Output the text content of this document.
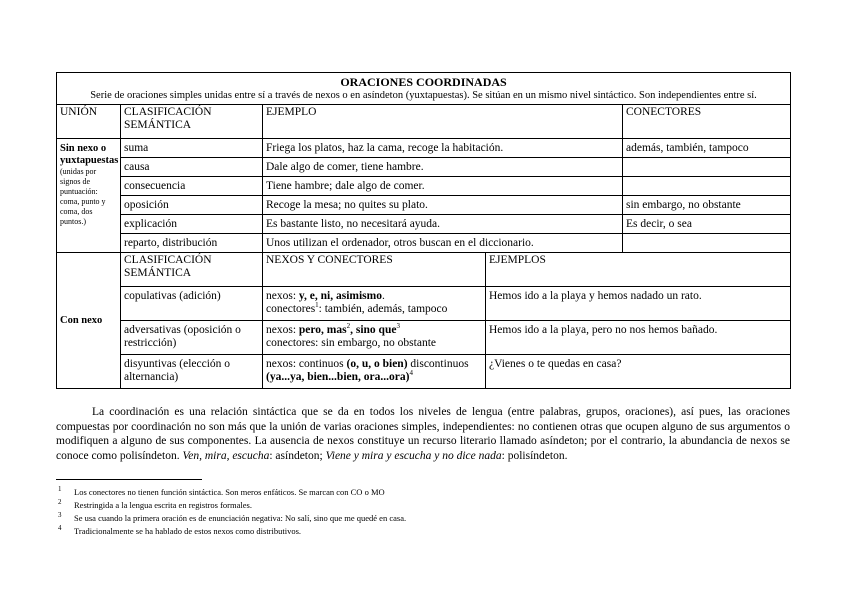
ORACIONES COORDINADAS
Serie de oraciones simples unidas entre sí a través de nexos o en asíndeton (yuxtapuestas). Se sitúan en un mismo nivel sintáctico. Son independientes entre sí.				

UNIÓN	CLASIFICACIÓN SEMÁNTICA	EJEMPLO		CONECTORES

Sin nexo o yuxtapuestas
(unidas por signos de puntuación: coma, punto y coma, dos puntos.)	suma	Friega los platos, haz la cama, recoge la habitación.		además, también, tampoco
	causa	Dale algo de comer, tiene hambre.		
	consecuencia	Tiene hambre; dale algo de comer.		
	oposición	Recoge la mesa; no quites su plato.		sin embargo, no obstante
	explicación	Es bastante listo, no necesitará ayuda.		Es decir, o sea
	reparto, distribución	Unos utilizan el ordenador, otros buscan en el diccionario.		

Con nexo	CLASIFICACIÓN SEMÁNTICA	NEXOS Y CONECTORES	EJEMPLOS	
	copulativas (adición)	nexos: y, e, ni, asimismo.
conectores$^1$: también, además, tampoco	Hemos ido a la playa y hemos nadado un rato.	
	adversativas (oposición o restricción)	nexos: pero, mas$^2$, sino que$^3$
conectores: sin embargo, no obstante	Hemos ido a la playa, pero no nos hemos bañado.	
	disyuntivas (elección o alternancia)	nexos: continuos (o, u, o bien) discontinuos
(ya...ya, bien...bien, ora...ora)$^4$	¿Vienes o te quedas en casa?	

La coordinación es una relación sintáctica que se da en todos los niveles de lengua (entre palabras, grupos, oraciones), así pues, las oraciones compuestas por coordinación no son más que la unión de varias oraciones simples, independientes: no contienen otras que ocupen alguno de sus argumentos o modifiquen a alguno de sus componentes. La ausencia de nexos constituye un recurso literario llamado asíndeton; por el contrario, la abundancia de nexos se conoce como polisíndeton. Ven, mira, escucha: asíndeton; Viene y mira y escucha y no dice nada: polisíndeton.

1 Los conectores no tienen función sintáctica. Son meros enfáticos. Se marcan con CO o MO
2 Restringida a la lengua escrita en registros formales.
3 Se usa cuando la primera oración es de enunciación negativa: No salí, sino que me quedé en casa.
4 Tradicionalmente se ha hablado de estos nexos como distributivos.
